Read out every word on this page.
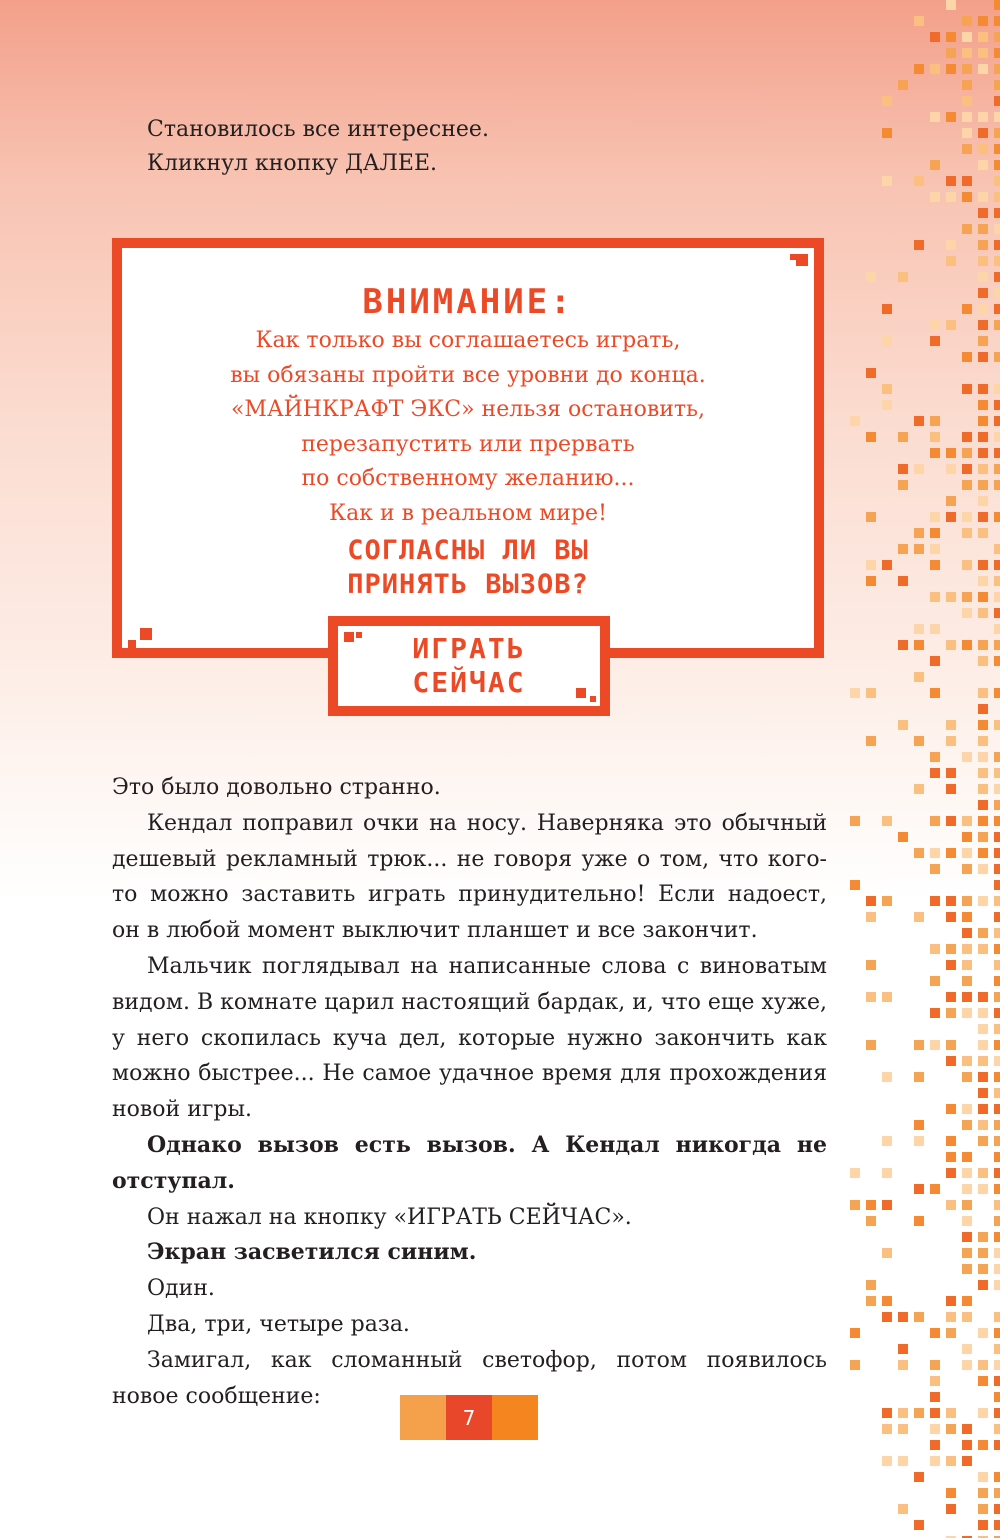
Становилось все интереснее.

Кликнул кнопку ДАЛЕЕ.

ВНИМАНИЕ:

Как только вы соглашаетесь играть,

вы обязаны пройти все уровни до конца.

«МАЙНКРАФТ ЭКС» нельзя остановить,

перезапустить или прервать

по собственному желанию...

Как и в реальном мире!

СОГЛАСНЫ ЛИ ВЫ

ПРИНЯТЬ ВЫЗОВ?

ИГРАТЬ
СЕЙЧАС

Это было довольно странно.

Кендал поправил очки на носу. Наверняка это обычный дешевый рекламный трюк... не говоря уже о том, что кого-то можно заставить играть принудительно! Если надоест, он в любой момент выключит планшет и все закончит.

Мальчик поглядывал на написанные слова с виноватым видом. В комнате царил настоящий бардак, и, что еще хуже, у него скопилась куча дел, которые нужно закончить как можно быстрее... Не самое удачное время для прохождения новой игры.

Однако вызов есть вызов. А Кендал никогда не отступал.

Он нажал на кнопку «ИГРАТЬ СЕЙЧАС».

Экран засветился синим.

Один.

Два, три, четыре раза.

Замигал, как сломанный светофор, потом появилось новое сообщение:

7
